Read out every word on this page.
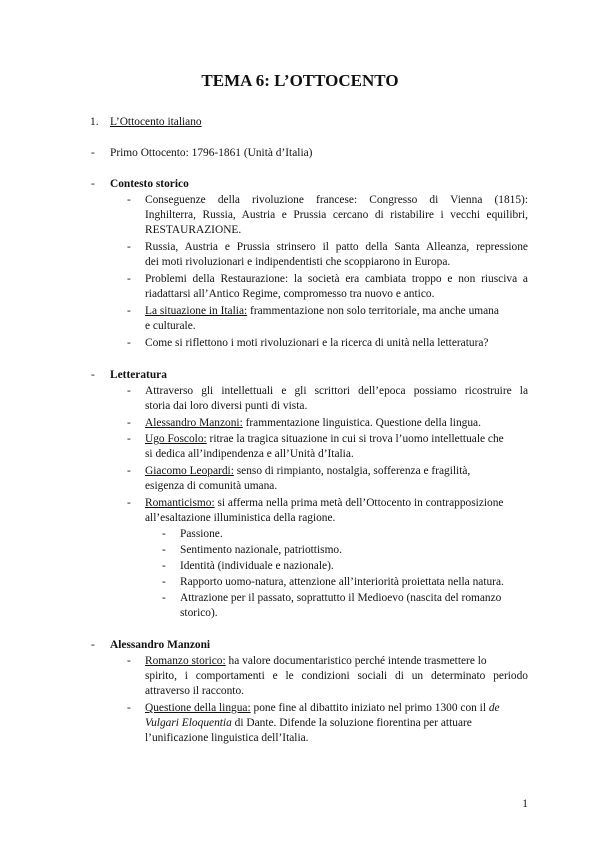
TEMA 6: L’OTTOCENTO
1. L’Ottocento italiano
- Primo Ottocento: 1796-1861 (Unità d’Italia)
- Contesto storico
- Conseguenze della rivoluzione francese: Congresso di Vienna (1815):
Inghilterra, Russia, Austria e Prussia cercano di ristabilire i vecchi equilibri,
RESTAURAZIONE.
- Russia, Austria e Prussia strinsero il patto della Santa Alleanza, repressione
dei moti rivoluzionari e indipendentisti che scoppiarono in Europa.
- Problemi della Restaurazione: la società era cambiata troppo e non riusciva a
riadattarsi all’Antico Regime, compromesso tra nuovo e antico.
- La situazione in Italia: frammentazione non solo territoriale, ma anche umana
e culturale.
- Come si riflettono i moti rivoluzionari e la ricerca di unità nella letteratura?
- Letteratura
- Attraverso gli intellettuali e gli scrittori dell’epoca possiamo ricostruire la
storia dai loro diversi punti di vista.
- Alessandro Manzoni: frammentazione linguistica. Questione della lingua.
- Ugo Foscolo: ritrae la tragica situazione in cui si trova l’uomo intellettuale che
si dedica all’indipendenza e all’Unità d’Italia.
- Giacomo Leopardi: senso di rimpianto, nostalgia, sofferenza e fragilità,
esigenza di comunità umana.
- Romanticismo: si afferma nella prima metà dell’Ottocento in contrapposizione
all’esaltazione illuministica della ragione.
- Passione.
- Sentimento nazionale, patriottismo.
- Identità (individuale e nazionale).
- Rapporto uomo-natura, attenzione all’interiorità proiettata nella natura.
- Attrazione per il passato, soprattutto il Medioevo (nascita del romanzo
storico).
- Alessandro Manzoni
- Romanzo storico: ha valore documentaristico perché intende trasmettere lo
spirito, i comportamenti e le condizioni sociali di un determinato periodo
attraverso il racconto.
- Questione della lingua: pone fine al dibattito iniziato nel primo 1300 con il de
Vulgari Eloquentia di Dante. Difende la soluzione fiorentina per attuare
l’unificazione linguistica dell’Italia.
1
